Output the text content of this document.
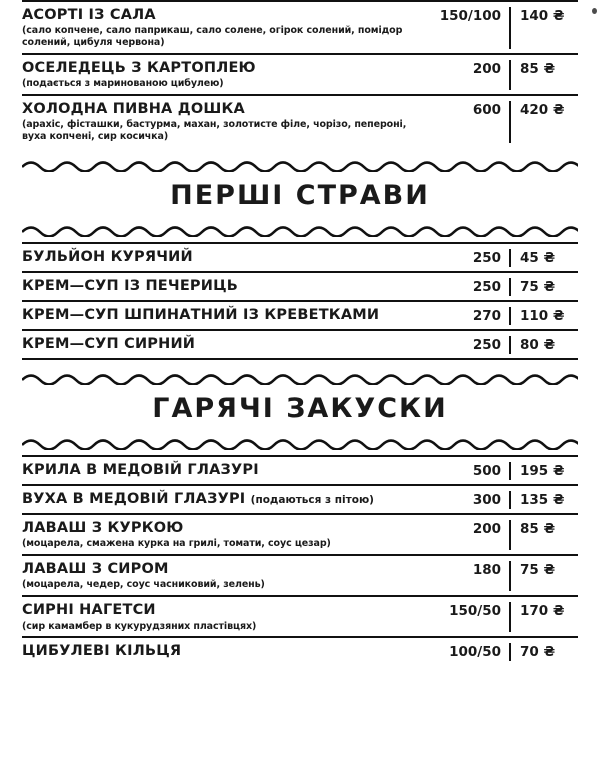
АСОРТІ ІЗ САЛА
(сало копчене, сало паприкаш, сало солене, огірок солений, помідор солений, цибуля червона)
150/100	140 ₴
ОСЕЛЕДЕЦЬ З КАРТОПЛЕЮ
(подається з маринованою цибулею)
200	85 ₴
ХОЛОДНА ПИВНА ДОШКА
(арахіс, фісташки, бастурма, махан, золотисте філе, чорізо, пепероні, вуха копчені, сир косичка)
600	420 ₴
ПЕРШІ СТРАВИ
БУЛЬЙОН КУРЯЧИЙ	250	45 ₴
КРЕМ—СУП ІЗ ПЕЧЕРИЦЬ	250	75 ₴
КРЕМ—СУП ШПИНАТНИЙ ІЗ КРЕВЕТКАМИ	270	110 ₴
КРЕМ—СУП СИРНИЙ	250	80 ₴
ГАРЯЧІ ЗАКУСКИ
КРИЛА В МЕДОВІЙ ГЛАЗУРІ	500	195 ₴
ВУХА В МЕДОВІЙ ГЛАЗУРІ (подаються з пітою)	300	135 ₴
ЛАВАШ З КУРКОЮ
(моцарела, смажена курка на грилі, томати, соус цезар)
200	85 ₴
ЛАВАШ З СИРОМ
(моцарела, чедер, соус часниковий, зелень)
180	75 ₴
СИРНІ НАГЕТСИ
(сир камамбер в кукурудзяних пластівцях)
150/50	170 ₴
ЦИБУЛЕВІ КІЛЬЦЯ	100/50	70 ₴
